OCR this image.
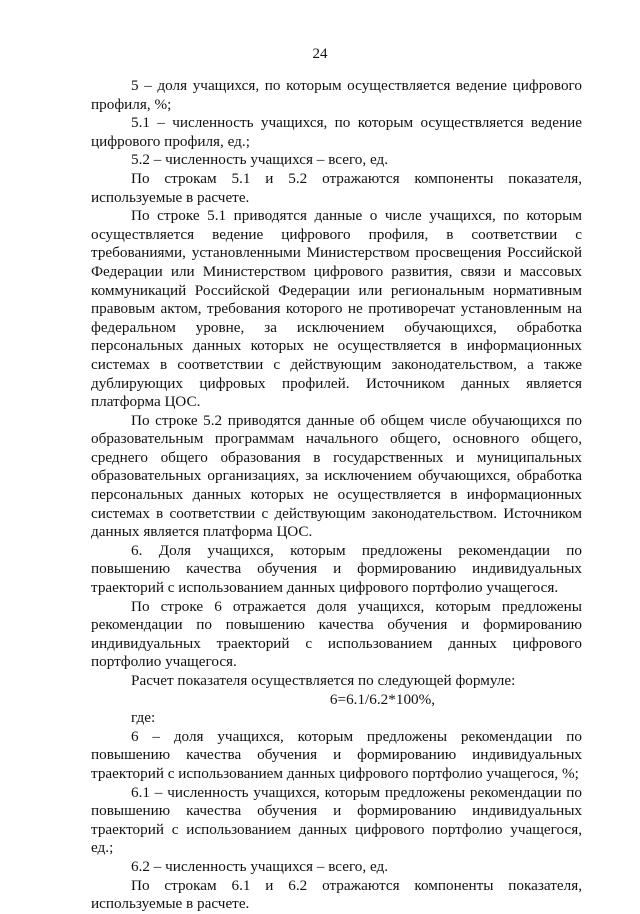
24

5 – доля учащихся, по которым осуществляется ведение цифрового профиля, %;

5.1 – численность учащихся, по которым осуществляется ведение цифрового профиля, ед.;

5.2 – численность учащихся – всего, ед.

По строкам 5.1 и 5.2 отражаются компоненты показателя, используемые в расчете.

По строке 5.1 приводятся данные о числе учащихся, по которым осуществляется ведение цифрового профиля, в соответствии с требованиями, установленными Министерством просвещения Российской Федерации или Министерством цифрового развития, связи и массовых коммуникаций Российской Федерации или региональным нормативным правовым актом, требования которого не противоречат установленным на федеральном уровне, за исключением обучающихся, обработка персональных данных которых не осуществляется в информационных системах в соответствии с действующим законодательством, а также дублирующих цифровых профилей. Источником данных является платформа ЦОС.

По строке 5.2 приводятся данные об общем числе обучающихся по образовательным программам начального общего, основного общего, среднего общего образования в государственных и муниципальных образовательных организациях, за исключением обучающихся, обработка персональных данных которых не осуществляется в информационных системах в соответствии с действующим законодательством. Источником данных является платформа ЦОС.

6. Доля учащихся, которым предложены рекомендации по повышению качества обучения и формированию индивидуальных траекторий с использованием данных цифрового портфолио учащегося.

По строке 6 отражается доля учащихся, которым предложены рекомендации по повышению качества обучения и формированию индивидуальных траекторий с использованием данных цифрового портфолио учащегося.

Расчет показателя осуществляется по следующей формуле:

6=6.1/6.2*100%,

где:

6 – доля учащихся, которым предложены рекомендации по повышению качества обучения и формированию индивидуальных траекторий с использованием данных цифрового портфолио учащегося, %;

6.1 – численность учащихся, которым предложены рекомендации по повышению качества обучения и формированию индивидуальных траекторий с использованием данных цифрового портфолио учащегося, ед.;

6.2 – численность учащихся – всего, ед.

По строкам 6.1 и 6.2 отражаются компоненты показателя, используемые в расчете.
